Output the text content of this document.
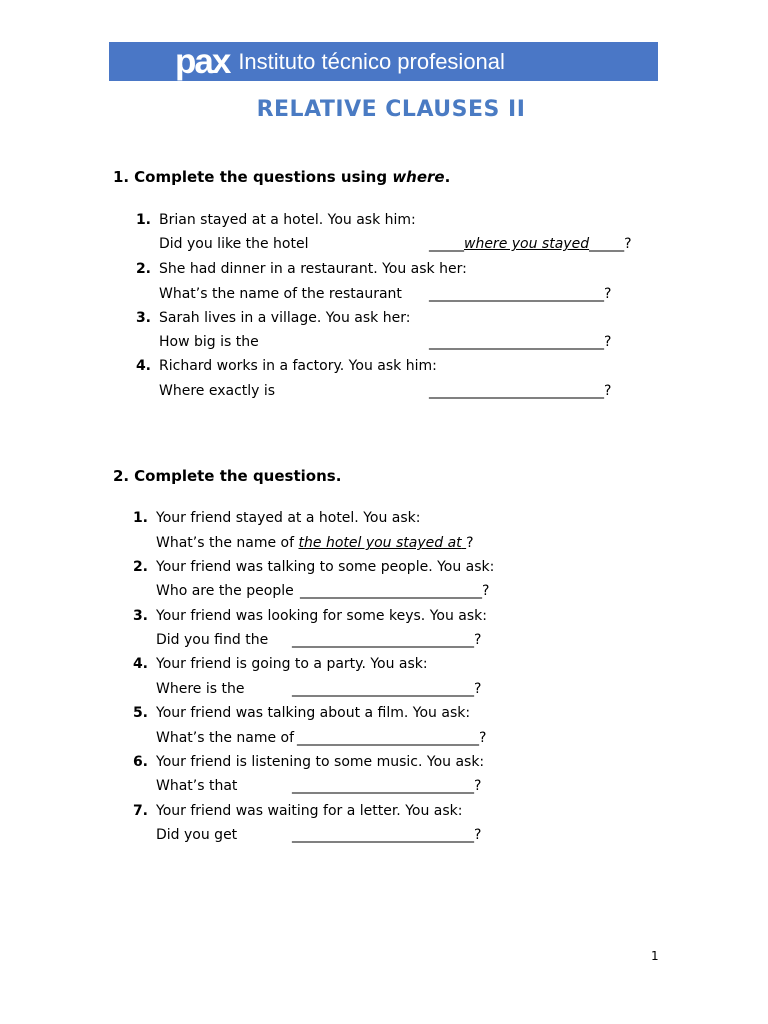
pax Instituto técnico profesional
RELATIVE CLAUSES II
1. Complete the questions using where.
1. Brian stayed at a hotel. You ask him:
Did you like the hotel	_____where you stayed_____?
2. She had dinner in a restaurant. You ask her:
What’s the name of the restaurant _________________________?
3. Sarah lives in a village. You ask her:
How big is the	_________________________?
4. Richard works in a factory. You ask him:
Where exactly is	_________________________?
2. Complete the questions.
1. Your friend stayed at a hotel. You ask:
What’s the name of the hotel you stayed at ?
2. Your friend was talking to some people. You ask:
Who are the people __________________________?
3. Your friend was looking for some keys. You ask:
Did you find the __________________________?
4. Your friend is going to a party. You ask:
Where is the	__________________________?
5. Your friend was talking about a film. You ask:
What’s the name of __________________________?
6. Your friend is listening to some music. You ask:
What’s that	__________________________?
7. Your friend was waiting for a letter. You ask:
Did you get	__________________________?
1
